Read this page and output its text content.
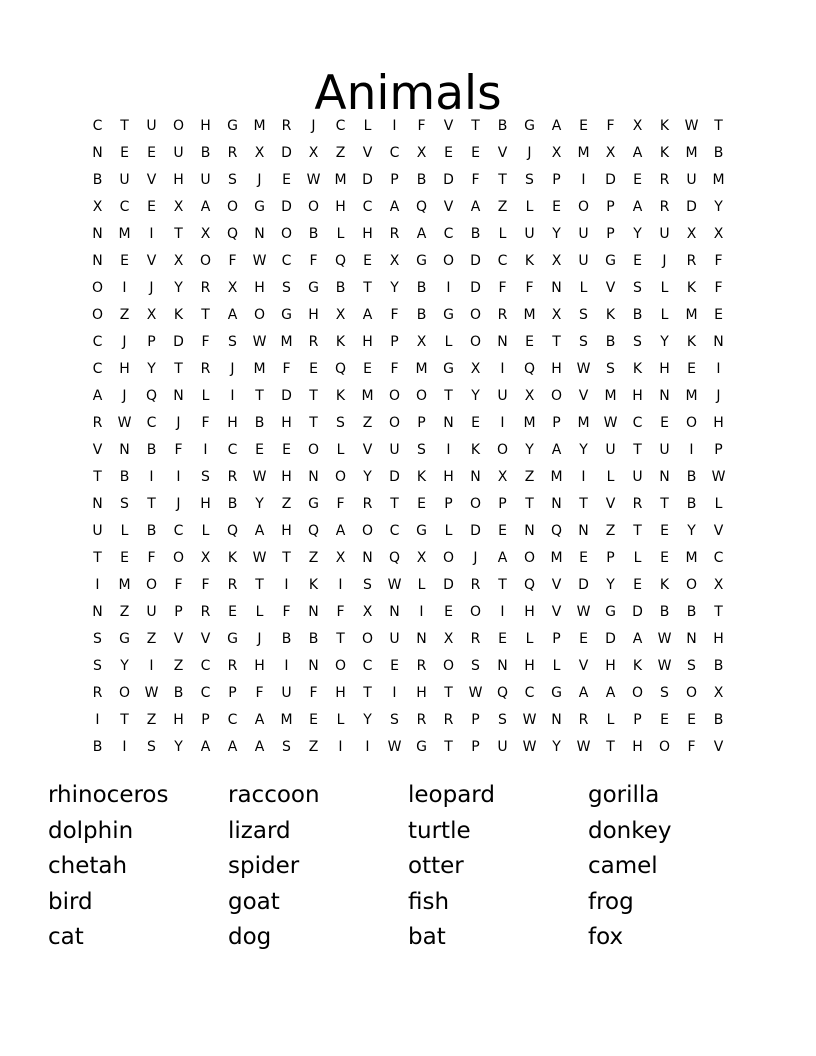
Animals
C	T	U	O	H	G	M	R	J	C	L	I	F	V	T	B	G	A	E	F	X	K	W	T
N	E	E	U	B	R	X	D	X	Z	V	C	X	E	E	V	J	X	M	X	A	K	M	B
B	U	V	H	U	S	J	E	W	M	D	P	B	D	F	T	S	P	I	D	E	R	U	M
X	C	E	X	A	O	G	D	O	H	C	A	Q	V	A	Z	L	E	O	P	A	R	D	Y
N	M	I	T	X	Q	N	O	B	L	H	R	A	C	B	L	U	Y	U	P	Y	U	X	X
N	E	V	X	O	F	W	C	F	Q	E	X	G	O	D	C	K	X	U	G	E	J	R	F
O	I	J	Y	R	X	H	S	G	B	T	Y	B	I	D	F	F	N	L	V	S	L	K	F
O	Z	X	K	T	A	O	G	H	X	A	F	B	G	O	R	M	X	S	K	B	L	M	E
C	J	P	D	F	S	W	M	R	K	H	P	X	L	O	N	E	T	S	B	S	Y	K	N
C	H	Y	T	R	J	M	F	E	Q	E	F	M	G	X	I	Q	H	W	S	K	H	E	I
A	J	Q	N	L	I	T	D	T	K	M	O	O	T	Y	U	X	O	V	M	H	N	M	J
R	W	C	J	F	H	B	H	T	S	Z	O	P	N	E	I	M	P	M	W	C	E	O	H
V	N	B	F	I	C	E	E	O	L	V	U	S	I	K	O	Y	A	Y	U	T	U	I	P
T	B	I	I	S	R	W	H	N	O	Y	D	K	H	N	X	Z	M	I	L	U	N	B	W
N	S	T	J	H	B	Y	Z	G	F	R	T	E	P	O	P	T	N	T	V	R	T	B	L
U	L	B	C	L	Q	A	H	Q	A	O	C	G	L	D	E	N	Q	N	Z	T	E	Y	V
T	E	F	O	X	K	W	T	Z	X	N	Q	X	O	J	A	O	M	E	P	L	E	M	C
I	M	O	F	F	R	T	I	K	I	S	W	L	D	R	T	Q	V	D	Y	E	K	O	X
N	Z	U	P	R	E	L	F	N	F	X	N	I	E	O	I	H	V	W	G	D	B	B	T
S	G	Z	V	V	G	J	B	B	T	O	U	N	X	R	E	L	P	E	D	A	W	N	H
S	Y	I	Z	C	R	H	I	N	O	C	E	R	O	S	N	H	L	V	H	K	W	S	B
R	O	W	B	C	P	F	U	F	H	T	I	H	T	W	Q	C	G	A	A	O	S	O	X
I	T	Z	H	P	C	A	M	E	L	Y	S	R	R	P	S	W	N	R	L	P	E	E	B
B	I	S	Y	A	A	A	S	Z	I	I	W	G	T	P	U	W	Y	W	T	H	O	F	V
rhinoceros	raccoon	leopard	gorilla
dolphin	lizard	turtle	donkey
chetah	spider	otter	camel
bird	goat	fish	frog
cat	dog	bat	fox
